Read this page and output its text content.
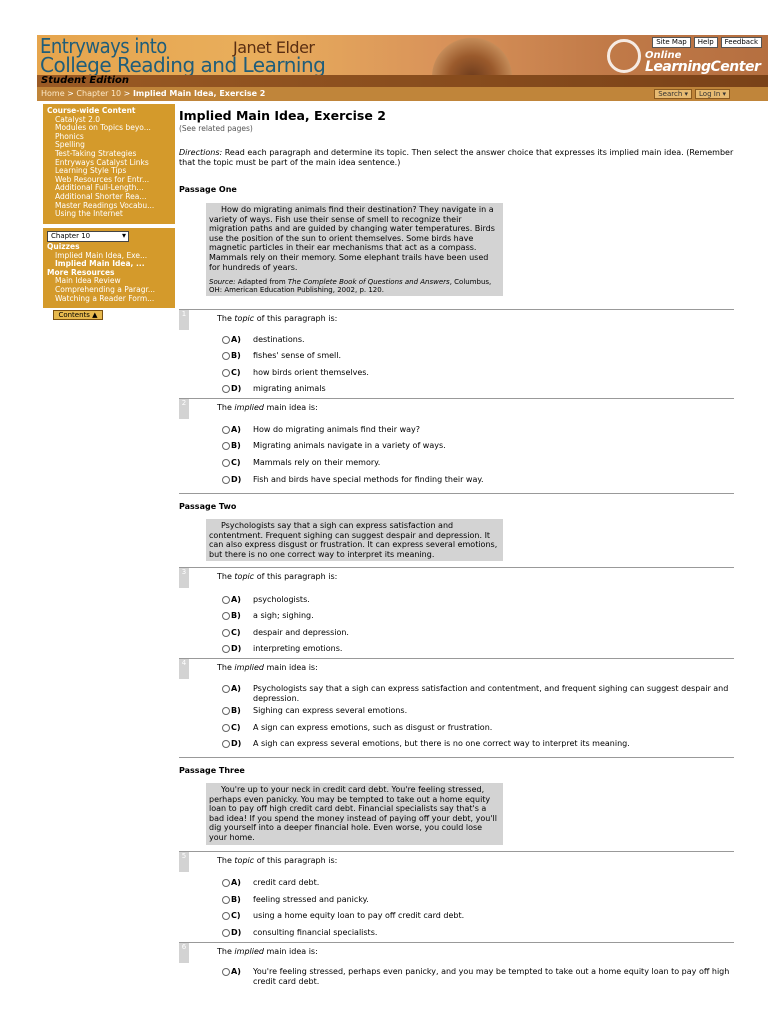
Entryways into
College Reading and Learning
Janet Elder	Online
LearningCenter
Site Map	Help	Feedback
Student Edition
Home > Chapter 10 > Implied Main Idea, Exercise 2	Search ▾	Log In ▾
Course-wide Content
Catalyst 2.0
Modules on Topics beyo...
Phonics
Spelling
Test-Taking Strategies
Entryways Catalyst Links
Learning Style Tips
Web Resources for Entr...
Additional Full-Length...
Additional Shorter Rea...
Master Readings Vocabu...
Using the Internet
Chapter 10 ▾
Quizzes
Implied Main Idea, Exe...
Implied Main Idea, ...
More Resources
Main Idea Review
Comprehending a Paragr...
Watching a Reader Form...
Contents ▲
Implied Main Idea, Exercise 2
(See related pages)
Directions: Read each paragraph and determine its topic. Then select the answer choice that expresses its implied main idea. (Remember that the topic must be part of the main idea sentence.)
Passage One
How do migrating animals find their destination? They navigate in a variety of ways. Fish use their sense of smell to recognize their migration paths and are guided by changing water temperatures. Birds use the position of the sun to orient themselves. Some birds have magnetic particles in their ear mechanisms that act as a compass. Mammals rely on their memory. Some elephant trails have been used for hundreds of years.
Source: Adapted from The Complete Book of Questions and Answers, Columbus, OH: American Education Publishing, 2002, p. 120.
1	The topic of this paragraph is:
A)	destinations.
B)	fishes' sense of smell.
C)	how birds orient themselves.
D)	migrating animals
2	The implied main idea is:
A)	How do migrating animals find their way?
B)	Migrating animals navigate in a variety of ways.
C)	Mammals rely on their memory.
D)	Fish and birds have special methods for finding their way.
Passage Two
Psychologists say that a sigh can express satisfaction and contentment. Frequent sighing can suggest despair and depression. It can also express disgust or frustration. It can express several emotions, but there is no one correct way to interpret its meaning.
3	The topic of this paragraph is:
A)	psychologists.
B)	a sigh; sighing.
C)	despair and depression.
D)	interpreting emotions.
4	The implied main idea is:
A)	Psychologists say that a sigh can express satisfaction and contentment, and frequent sighing can suggest despair and depression.
B)	Sighing can express several emotions.
C)	A sign can express emotions, such as disgust or frustration.
D)	A sigh can express several emotions, but there is no one correct way to interpret its meaning.
Passage Three
You're up to your neck in credit card debt. You're feeling stressed, perhaps even panicky. You may be tempted to take out a home equity loan to pay off high credit card debt. Financial specialists say that's a bad idea! If you spend the money instead of paying off your debt, you'll dig yourself into a deeper financial hole. Even worse, you could lose your home.
5	The topic of this paragraph is:
A)	credit card debt.
B)	feeling stressed and panicky.
C)	using a home equity loan to pay off credit card debt.
D)	consulting financial specialists.
6	The implied main idea is:
A)	You're feeling stressed, perhaps even panicky, and you may be tempted to take out a home equity loan to pay off high credit card debt.
